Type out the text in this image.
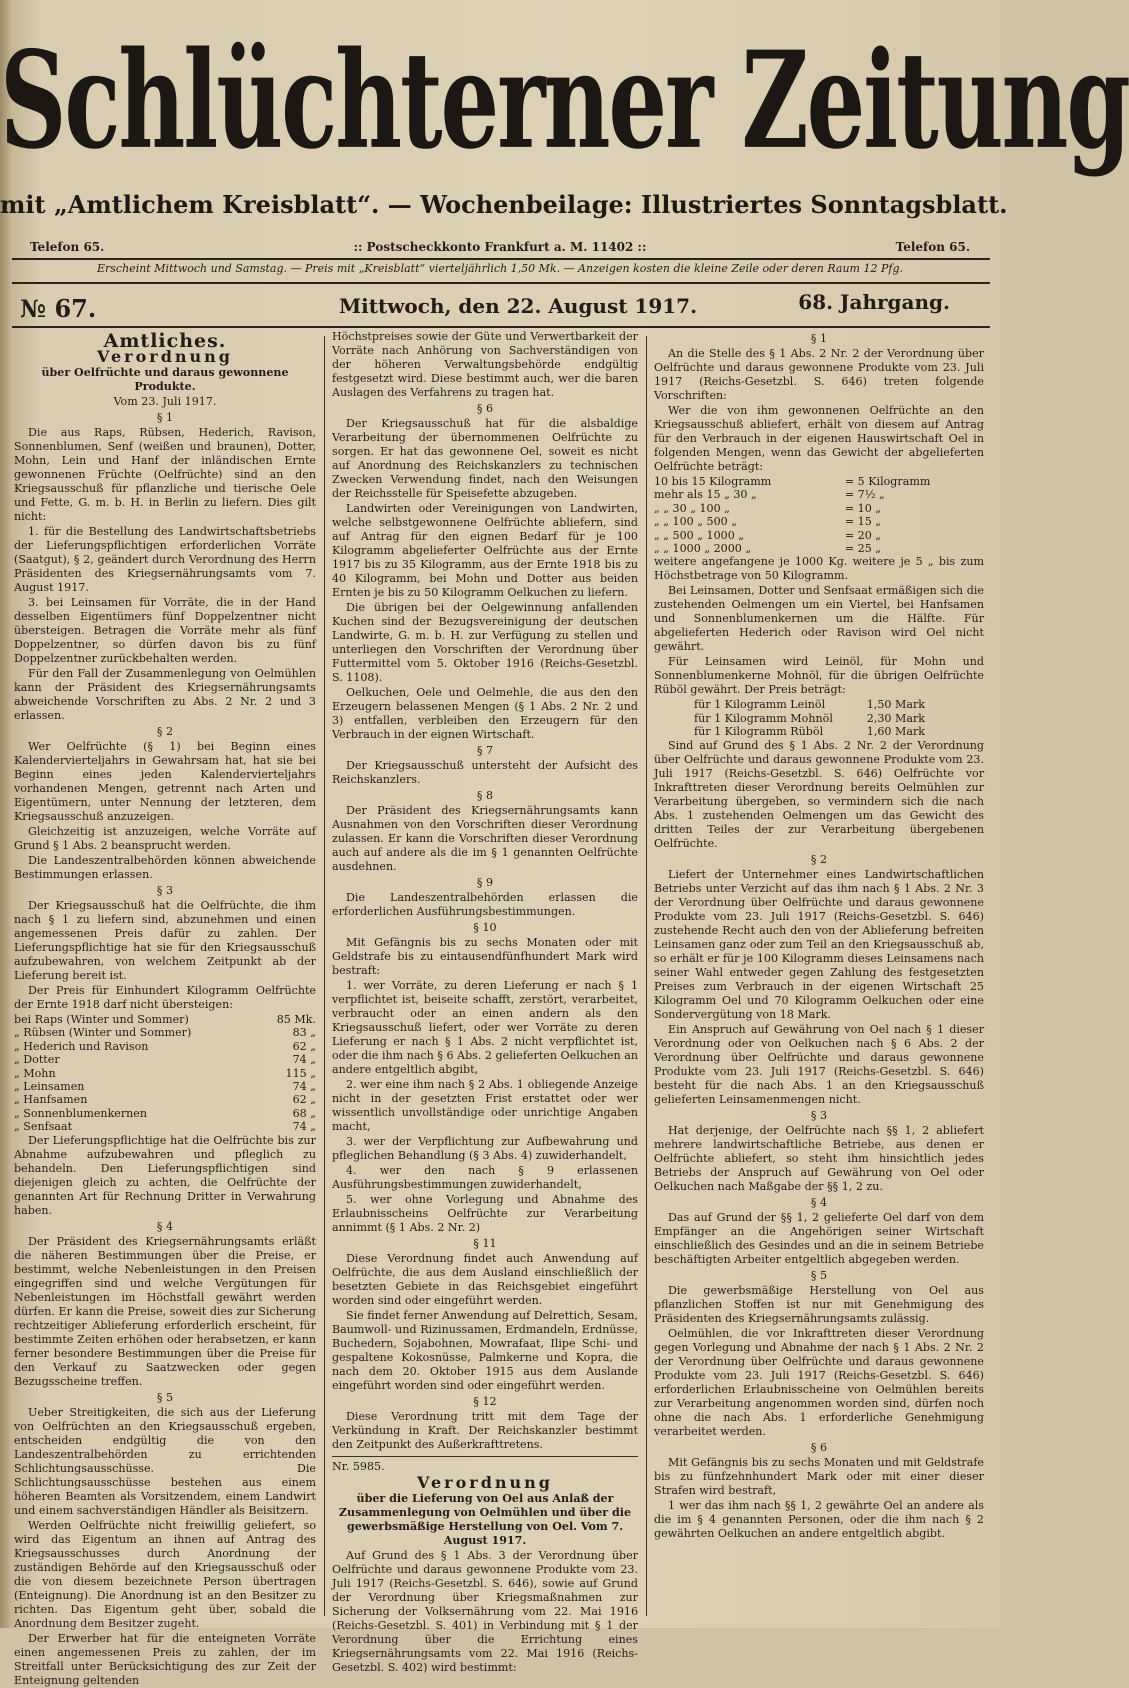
Schlüchterner Zeitung
mit „Amtlichem Kreisblatt“. — Wochenbeilage: Illustriertes Sonntagsblatt.
Telefon 65.	:: Postscheckkonto Frankfurt a. M. 11402 ::	Telefon 65.
Erscheint Mittwoch und Samstag. — Preis mit „Kreisblatt“ vierteljährlich 1,50 Mk. — Anzeigen kosten die kleine Zeile oder deren Raum 12 Pfg.
№ 67.	Mittwoch, den 22. August 1917.	68. Jahrgang.
Amtliches.
Verordnung
über Oelfrüchte und daraus gewonnene Produkte.
Vom 23. Juli 1917.
§ 1

Die aus Raps, Rübsen, Hederich, Ravison, Sonnenblumen, Senf (weißen und braunen), Dotter, Mohn, Lein und Hanf der inländischen Ernte gewonnenen Früchte (Oelfrüchte) sind an den Kriegsausschuß für pflanzliche und tierische Oele und Fette, G. m. b. H. in Berlin zu liefern. Dies gilt nicht:

1. für die Bestellung des Landwirtschaftsbetriebs der Lieferungspflichtigen erforderlichen Vorräte (Saatgut), § 2, geändert durch Verordnung des Herrn Präsidenten des Kriegsernährungsamts vom 7. August 1917.

3. bei Leinsamen für Vorräte, die in der Hand desselben Eigentümers fünf Doppelzentner nicht übersteigen. Betragen die Vorräte mehr als fünf Doppelzentner, so dürfen davon bis zu fünf Doppelzentner zurückbehalten werden.

Für den Fall der Zusammenlegung von Oelmühlen kann der Präsident des Kriegsernährungsamts abweichende Vorschriften zu Abs. 2 Nr. 2 und 3 erlassen.

§ 2

Wer Oelfrüchte (§ 1) bei Beginn eines Kalendervierteljahrs in Gewahrsam hat, hat sie bei Beginn eines jeden Kalendervierteljahrs vorhandenen Mengen, getrennt nach Arten und Eigentümern, unter Nennung der letzteren, dem Kriegsausschuß anzuzeigen.

Gleichzeitig ist anzuzeigen, welche Vorräte auf Grund § 1 Abs. 2 beansprucht werden.

Die Landeszentralbehörden können abweichende Bestimmungen erlassen.

§ 3

Der Kriegsausschuß hat die Oelfrüchte, die ihm nach § 1 zu liefern sind, abzunehmen und einen angemessenen Preis dafür zu zahlen. Der Lieferungspflichtige hat sie für den Kriegsausschuß aufzubewahren, von welchem Zeitpunkt ab der Lieferung bereit ist.

Der Preis für Einhundert Kilogramm Oelfrüchte der Ernte 1918 darf nicht übersteigen:

bei Raps (Winter und Sommer)	85 Mk.
„ Rübsen (Winter und Sommer)	83 „
„ Hederich und Ravison	62 „
„ Dotter	74 „
„ Mohn	115 „
„ Leinsamen	74 „
„ Hanfsamen	62 „
„ Sonnenblumenkernen	68 „
„ Senfsaat	74 „

Der Lieferungspflichtige hat die Oelfrüchte bis zur Abnahme aufzubewahren und pfleglich zu behandeln. Den Lieferungspflichtigen sind diejenigen gleich zu achten, die Oelfrüchte der genannten Art für Rechnung Dritter in Verwahrung haben.

§ 4

Der Präsident des Kriegsernährungsamts erläßt die näheren Bestimmungen über die Preise, er bestimmt, welche Nebenleistungen in den Preisen eingegriffen sind und welche Vergütungen für Nebenleistungen im Höchstfall gewährt werden dürfen. Er kann die Preise, soweit dies zur Sicherung rechtzeitiger Ablieferung erforderlich erscheint, für bestimmte Zeiten erhöhen oder herabsetzen, er kann ferner besondere Bestimmungen über die Preise für den Verkauf zu Saatzwecken oder gegen Bezugsscheine treffen.

§ 5

Ueber Streitigkeiten, die sich aus der Lieferung von Oelfrüchten an den Kriegsausschuß ergeben, entscheiden endgültig die von den Landeszentralbehörden zu errichtenden Schlichtungsausschüsse. Die Schlichtungsausschüsse bestehen aus einem höheren Beamten als Vorsitzendem, einem Landwirt und einem sachverständigen Händler als Beisitzern.

Werden Oelfrüchte nicht freiwillig geliefert, so wird das Eigentum an ihnen auf Antrag des Kriegsausschusses durch Anordnung der zuständigen Behörde auf den Kriegsausschuß oder die von diesem bezeichnete Person übertragen (Enteignung). Die Anordnung ist an den Besitzer zu richten. Das Eigentum geht über, sobald die Anordnung dem Besitzer zugeht.

Der Erwerber hat für die enteigneten Vorräte einen angemessenen Preis zu zahlen, der im Streitfall unter Berücksichtigung des zur Zeit der Enteignung geltenden

Höchstpreises sowie der Güte und Verwertbarkeit der Vorräte nach Anhörung von Sachverständigen von der höheren Verwaltungsbehörde endgültig festgesetzt wird. Diese bestimmt auch, wer die baren Auslagen des Verfahrens zu tragen hat.

§ 6

Der Kriegsausschuß hat für die alsbaldige Verarbeitung der übernommenen Oelfrüchte zu sorgen. Er hat das gewonnene Oel, soweit es nicht auf Anordnung des Reichskanzlers zu technischen Zwecken Verwendung findet, nach den Weisungen der Reichsstelle für Speisefette abzugeben.

Landwirten oder Vereinigungen von Landwirten, welche selbstgewonnene Oelfrüchte abliefern, sind auf Antrag für den eignen Bedarf für je 100 Kilogramm abgelieferter Oelfrüchte aus der Ernte 1917 bis zu 35 Kilogramm, aus der Ernte 1918 bis zu 40 Kilogramm, bei Mohn und Dotter aus beiden Ernten je bis zu 50 Kilogramm Oelkuchen zu liefern.

Die übrigen bei der Oelgewinnung anfallenden Kuchen sind der Bezugsvereinigung der deutschen Landwirte, G. m. b. H. zur Verfügung zu stellen und unterliegen den Vorschriften der Verordnung über Futtermittel vom 5. Oktober 1916 (Reichs-Gesetzbl. S. 1108).

Oelkuchen, Oele und Oelmehle, die aus den den Erzeugern belassenen Mengen (§ 1 Abs. 2 Nr. 2 und 3) entfallen, verbleiben den Erzeugern für den Verbrauch in der eignen Wirtschaft.

§ 7

Der Kriegsausschuß untersteht der Aufsicht des Reichskanzlers.

§ 8

Der Präsident des Kriegsernährungsamts kann Ausnahmen von den Vorschriften dieser Verordnung zulassen. Er kann die Vorschriften dieser Verordnung auch auf andere als die im § 1 genannten Oelfrüchte ausdehnen.

§ 9

Die Landeszentralbehörden erlassen die erforderlichen Ausführungsbestimmungen.

§ 10

Mit Gefängnis bis zu sechs Monaten oder mit Geldstrafe bis zu eintausendfünfhundert Mark wird bestraft:

1. wer Vorräte, zu deren Lieferung er nach § 1 verpflichtet ist, beiseite schafft, zerstört, verarbeitet, verbraucht oder an einen andern als den Kriegsausschuß liefert, oder wer Vorräte zu deren Lieferung er nach § 1 Abs. 2 nicht verpflichtet ist, oder die ihm nach § 6 Abs. 2 gelieferten Oelkuchen an andere entgeltlich abgibt,

2. wer eine ihm nach § 2 Abs. 1 obliegende Anzeige nicht in der gesetzten Frist erstattet oder wer wissentlich unvollständige oder unrichtige Angaben macht,

3. wer der Verpflichtung zur Aufbewahrung und pfleglichen Behandlung (§ 3 Abs. 4) zuwiderhandelt,

4. wer den nach § 9 erlassenen Ausführungsbestimmungen zuwiderhandelt,

5. wer ohne Vorlegung und Abnahme des Erlaubnisscheins Oelfrüchte zur Verarbeitung annimmt (§ 1 Abs. 2 Nr. 2)

§ 11

Diese Verordnung findet auch Anwendung auf Oelfrüchte, die aus dem Ausland einschließlich der besetzten Gebiete in das Reichsgebiet eingeführt worden sind oder eingeführt werden.

Sie findet ferner Anwendung auf Delrettich, Sesam, Baumwoll- und Rizinussamen, Erdmandeln, Erdnüsse, Buchedern, Sojabohnen, Mowrafaat, Ilipe Schi- und gespaltene Kokosnüsse, Palmkerne und Kopra, die nach dem 20. Oktober 1915 aus dem Auslande eingeführt worden sind oder eingeführt werden.

§ 12

Diese Verordnung tritt mit dem Tage der Verkündung in Kraft. Der Reichskanzler bestimmt den Zeitpunkt des Außerkrafttretens.

Nr. 5985.
Verordnung
über die Lieferung von Oel aus Anlaß der Zusammenlegung von Oelmühlen und über die gewerbsmäßige Herstellung von Oel. Vom 7. August 1917.

Auf Grund des § 1 Abs. 3 der Verordnung über Oelfrüchte und daraus gewonnene Produkte vom 23. Juli 1917 (Reichs-Gesetzbl. S. 646), sowie auf Grund der Verordnung über Kriegsmaßnahmen zur Sicherung der Volksernährung vom 22. Mai 1916 (Reichs-Gesetzbl. S. 401) in Verbindung mit § 1 der Verordnung über die Errichtung eines Kriegsernährungsamts vom 22. Mai 1916 (Reichs-Gesetzbl. S. 402) wird bestimmt:

§ 1

An die Stelle des § 1 Abs. 2 Nr. 2 der Verordnung über Oelfrüchte und daraus gewonnene Produkte vom 23. Juli 1917 (Reichs-Gesetzbl. S. 646) treten folgende Vorschriften:

Wer die von ihm gewonnenen Oelfrüchte an den Kriegsausschuß abliefert, erhält von diesem auf Antrag für den Verbrauch in der eigenen Hauswirtschaft Oel in folgenden Mengen, wenn das Gewicht der abgelieferten Oelfrüchte beträgt:

10 bis 15 Kilogramm	= 5 Kilogramm
mehr als 15 „ 30 „	= 7½ „
„ „ 30 „ 100 „	= 10 „
„ „ 100 „ 500 „	= 15 „
„ „ 500 „ 1000 „	= 20 „
„ „ 1000 „ 2000 „	= 25 „

weitere angefangene je 1000 Kg. weitere je 5 „ bis zum Höchstbetrage von 50 Kilogramm.

Bei Leinsamen, Dotter und Senfsaat ermäßigen sich die zustehenden Oelmengen um ein Viertel, bei Hanfsamen und Sonnenblumenkernen um die Hälfte. Für abgelieferten Hederich oder Ravison wird Oel nicht gewährt.

Für Leinsamen wird Leinöl, für Mohn und Sonnenblumenkerne Mohnöl, für die übrigen Oelfrüchte Rüböl gewährt. Der Preis beträgt:

für 1 Kilogramm Leinöl	1,50 Mark
für 1 Kilogramm Mohnöl	2,30 Mark
für 1 Kilogramm Rüböl	1,60 Mark

Sind auf Grund des § 1 Abs. 2 Nr. 2 der Verordnung über Oelfrüchte und daraus gewonnene Produkte vom 23. Juli 1917 (Reichs-Gesetzbl. S. 646) Oelfrüchte vor Inkrafttreten dieser Verordnung bereits Oelmühlen zur Verarbeitung übergeben, so vermindern sich die nach Abs. 1 zustehenden Oelmengen um das Gewicht des dritten Teiles der zur Verarbeitung übergebenen Oelfrüchte.

§ 2

Liefert der Unternehmer eines Landwirtschaftlichen Betriebs unter Verzicht auf das ihm nach § 1 Abs. 2 Nr. 3 der Verordnung über Oelfrüchte und daraus gewonnene Produkte vom 23. Juli 1917 (Reichs-Gesetzbl. S. 646) zustehende Recht auch den von der Ablieferung befreiten Leinsamen ganz oder zum Teil an den Kriegsausschuß ab, so erhält er für je 100 Kilogramm dieses Leinsamens nach seiner Wahl entweder gegen Zahlung des festgesetzten Preises zum Verbrauch in der eigenen Wirtschaft 25 Kilogramm Oel und 70 Kilogramm Oelkuchen oder eine Sondervergütung von 18 Mark.

Ein Anspruch auf Gewährung von Oel nach § 1 dieser Verordnung oder von Oelkuchen nach § 6 Abs. 2 der Verordnung über Oelfrüchte und daraus gewonnene Produkte vom 23. Juli 1917 (Reichs-Gesetzbl. S. 646) besteht für die nach Abs. 1 an den Kriegsausschuß gelieferten Leinsamenmengen nicht.

§ 3

Hat derjenige, der Oelfrüchte nach §§ 1, 2 abliefert mehrere landwirtschaftliche Betriebe, aus denen er Oelfrüchte abliefert, so steht ihm hinsichtlich jedes Betriebs der Anspruch auf Gewährung von Oel oder Oelkuchen nach Maßgabe der §§ 1, 2 zu.

§ 4

Das auf Grund der §§ 1, 2 gelieferte Oel darf von dem Empfänger an die Angehörigen seiner Wirtschaft einschließlich des Gesindes und an die in seinem Betriebe beschäftigten Arbeiter entgeltlich abgegeben werden.

§ 5

Die gewerbsmäßige Herstellung von Oel aus pflanzlichen Stoffen ist nur mit Genehmigung des Präsidenten des Kriegsernährungsamts zulässig.

Oelmühlen, die vor Inkrafttreten dieser Verordnung gegen Vorlegung und Abnahme der nach § 1 Abs. 2 Nr. 2 der Verordnung über Oelfrüchte und daraus gewonnene Produkte vom 23. Juli 1917 (Reichs-Gesetzbl. S. 646) erforderlichen Erlaubnisscheine von Oelmühlen bereits zur Verarbeitung angenommen worden sind, dürfen noch ohne die nach Abs. 1 erforderliche Genehmigung verarbeitet werden.

§ 6

Mit Gefängnis bis zu sechs Monaten und mit Geldstrafe bis zu fünfzehnhundert Mark oder mit einer dieser Strafen wird bestraft,

1 wer das ihm nach §§ 1, 2 gewährte Oel an andere als die im § 4 genannten Personen, oder die ihm nach § 2 gewährten Oelkuchen an andere entgeltlich abgibt.
